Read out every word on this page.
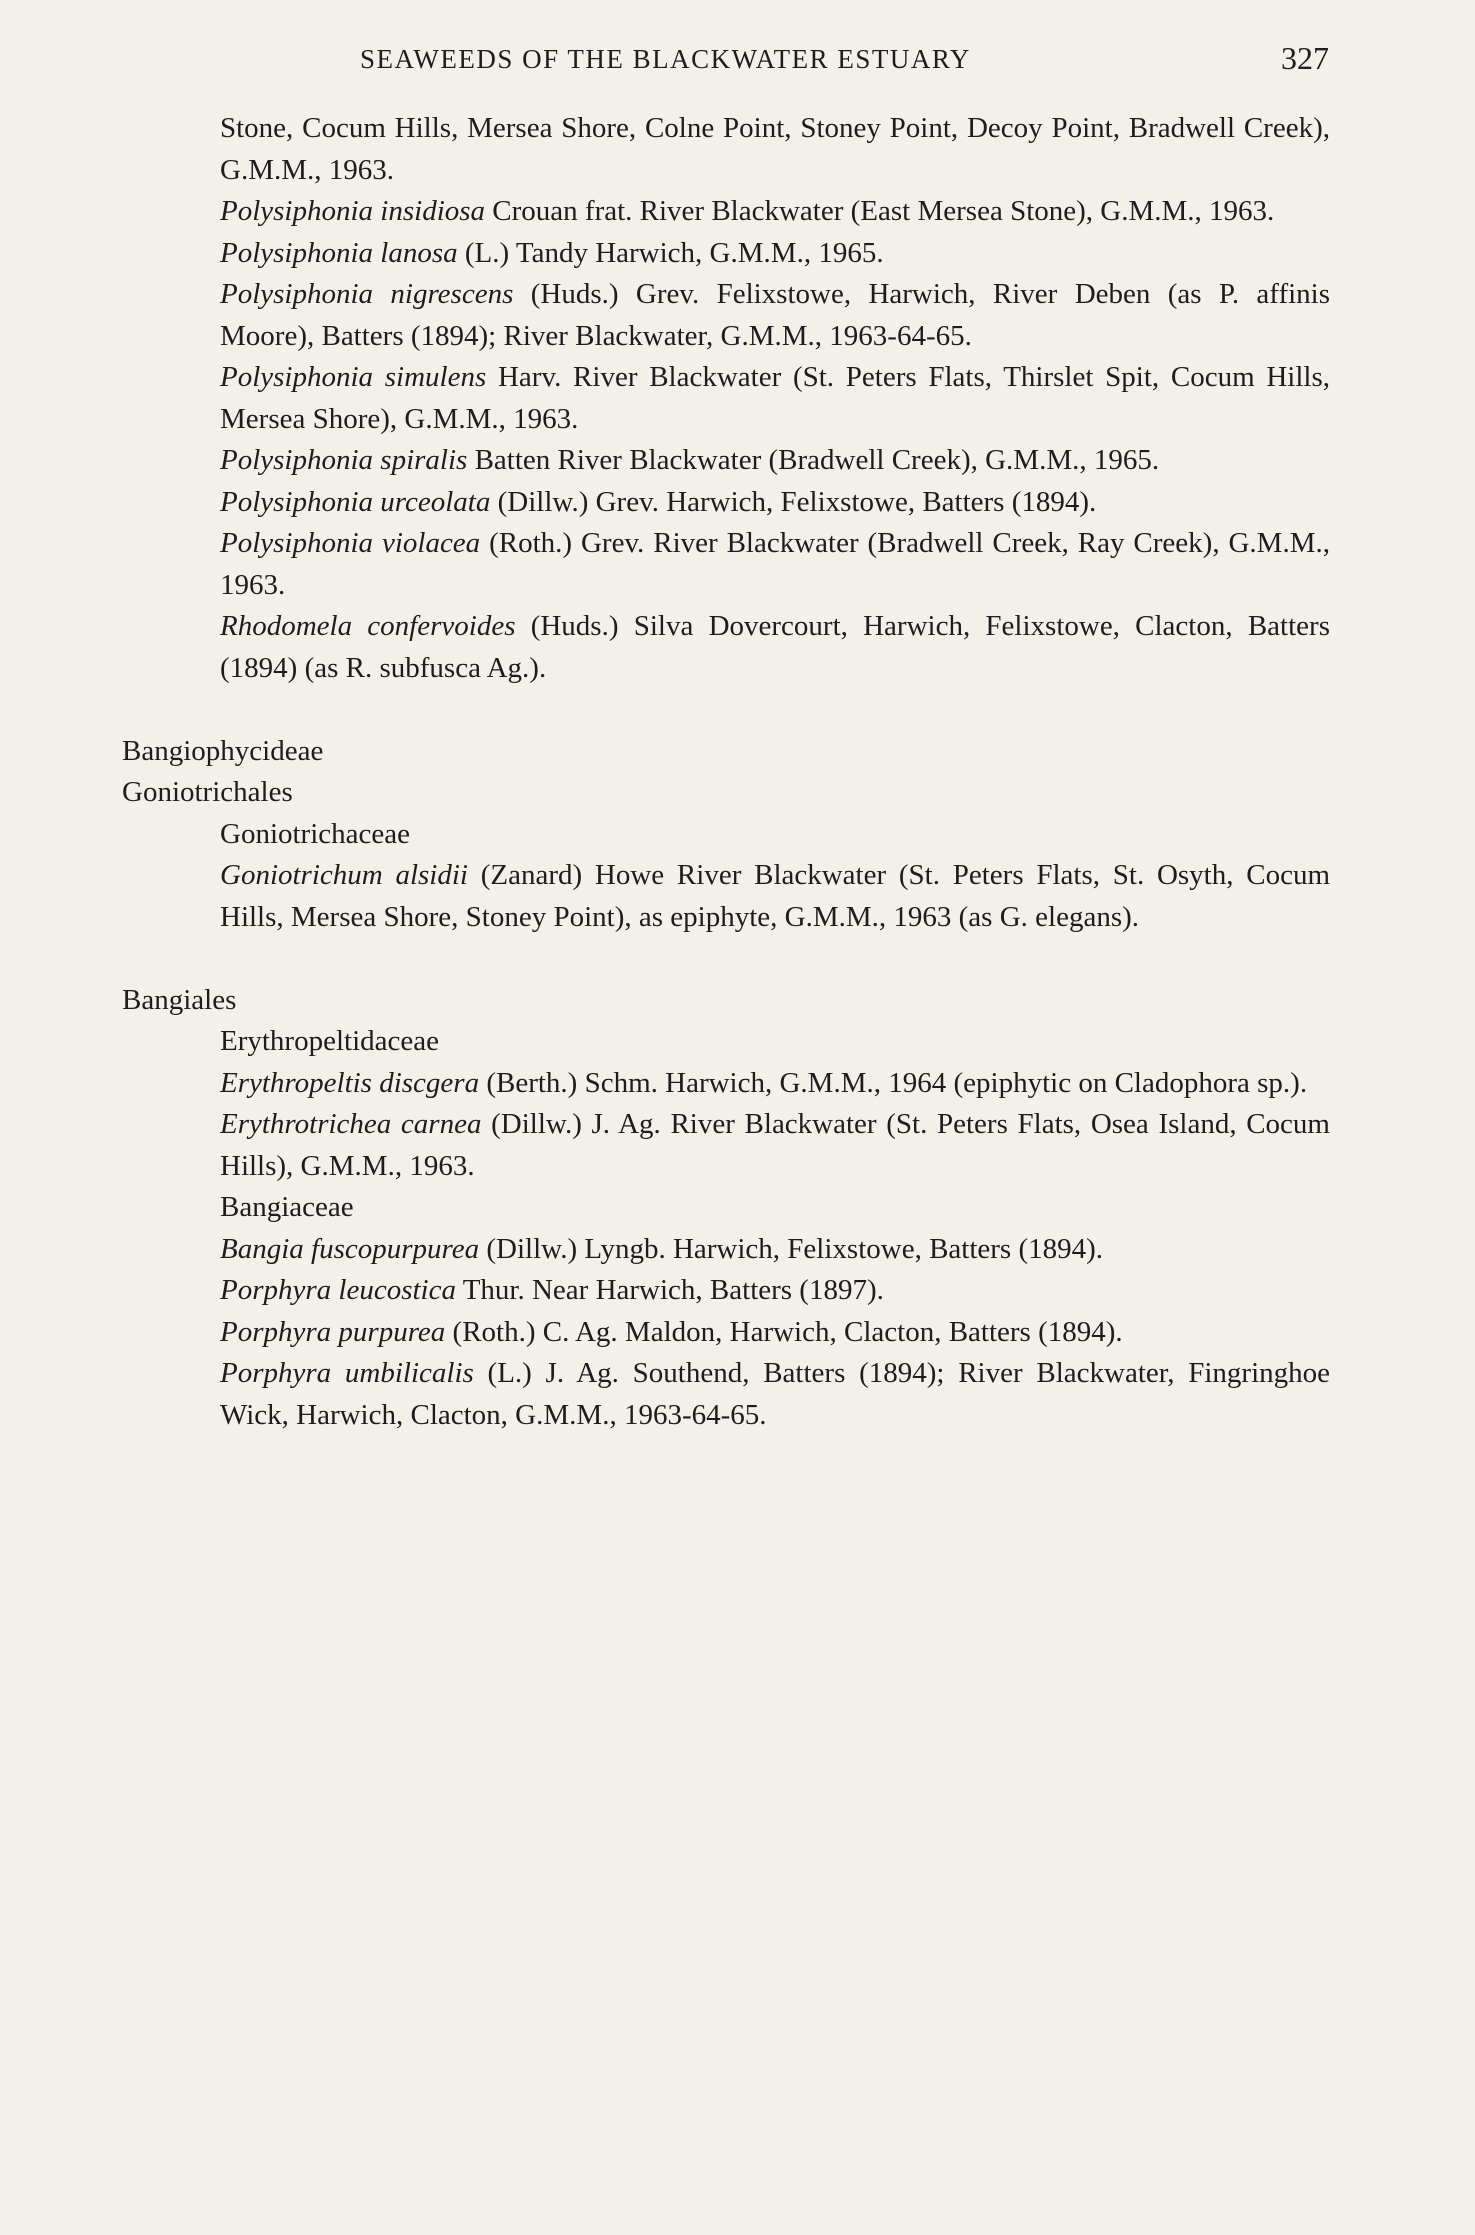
SEAWEEDS OF THE BLACKWATER ESTUARY	327

Stone, Cocum Hills, Mersea Shore, Colne Point, Stoney Point, Decoy Point, Bradwell Creek), G.M.M., 1963.

Polysiphonia insidiosa Crouan frat. River Blackwater (East Mersea Stone), G.M.M., 1963.

Polysiphonia lanosa (L.) Tandy Harwich, G.M.M., 1965.

Polysiphonia nigrescens (Huds.) Grev. Felixstowe, Harwich, River Deben (as P. affinis Moore), Batters (1894); River Blackwater, G.M.M., 1963-64-65.

Polysiphonia simulens Harv. River Blackwater (St. Peters Flats, Thirslet Spit, Cocum Hills, Mersea Shore), G.M.M., 1963.

Polysiphonia spiralis Batten River Blackwater (Bradwell Creek), G.M.M., 1965.

Polysiphonia urceolata (Dillw.) Grev. Harwich, Felixstowe, Batters (1894).

Polysiphonia violacea (Roth.) Grev. River Blackwater (Bradwell Creek, Ray Creek), G.M.M., 1963.

Rhodomela confervoides (Huds.) Silva Dovercourt, Harwich, Felixstowe, Clacton, Batters (1894) (as R. subfusca Ag.).

Bangiophycideae

Goniotrichales

Goniotrichaceae

Goniotrichum alsidii (Zanard) Howe River Blackwater (St. Peters Flats, St. Osyth, Cocum Hills, Mersea Shore, Stoney Point), as epiphyte, G.M.M., 1963 (as G. elegans).

Bangiales

Erythropeltidaceae

Erythropeltis discgera (Berth.) Schm. Harwich, G.M.M., 1964 (epiphytic on Cladophora sp.).

Erythrotrichea carnea (Dillw.) J. Ag. River Blackwater (St. Peters Flats, Osea Island, Cocum Hills), G.M.M., 1963.

Bangiaceae

Bangia fuscopurpurea (Dillw.) Lyngb. Harwich, Felixstowe, Batters (1894).

Porphyra leucostica Thur. Near Harwich, Batters (1897).

Porphyra purpurea (Roth.) C. Ag. Maldon, Harwich, Clacton, Batters (1894).

Porphyra umbilicalis (L.) J. Ag. Southend, Batters (1894); River Blackwater, Fingringhoe Wick, Harwich, Clacton, G.M.M., 1963-64-65.
